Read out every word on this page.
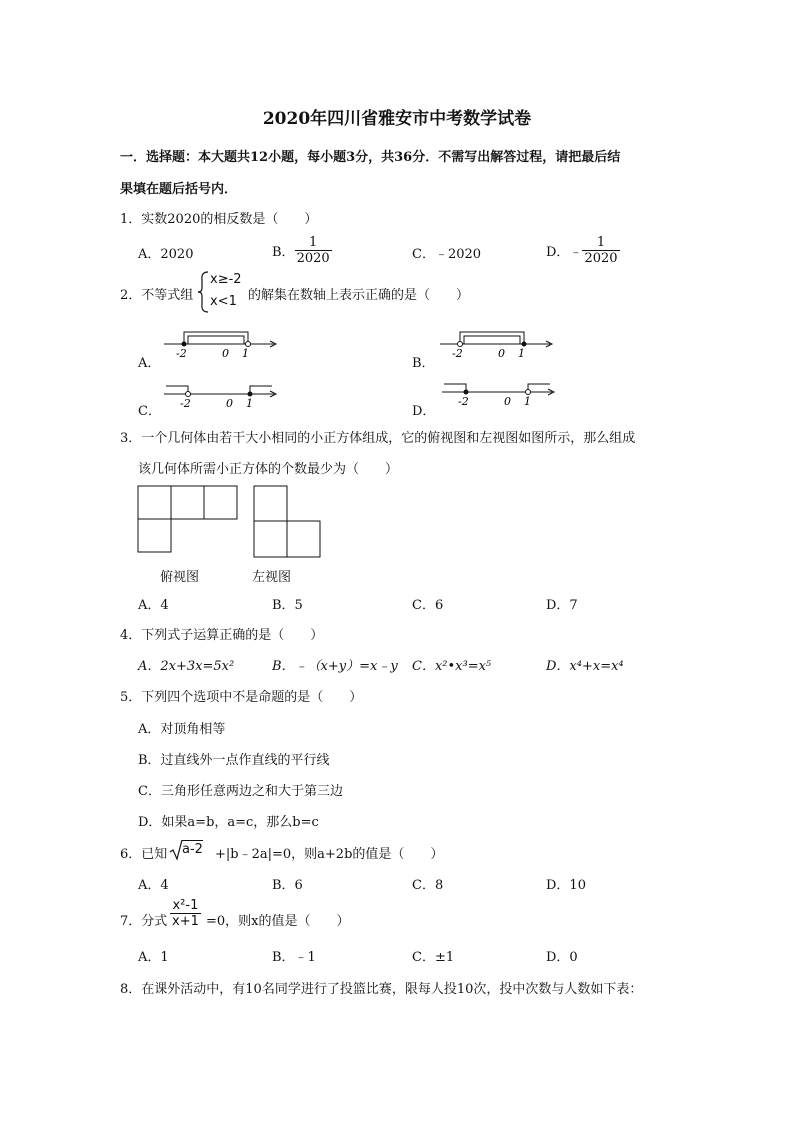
2020年四川省雅安市中考数学试卷
一．选择题：本大题共12小题，每小题3分，共36分．不需写出解答过程，请把最后结
果填在题后括号内．
1．实数2020的相反数是（　　）
A．2020	B． $\frac{1}{2020}$	C．﹣2020	D．﹣ $\frac{1}{2020}$
2．不等式组
x≥-2
x<1 的解集在数轴上表示正确的是（　　）
A．
-2	0 1
B．
-2	0 1
C．
-2	0 1
D．
-2	0 1
3．一个几何体由若干大小相同的小正方体组成，它的俯视图和左视图如图所示，那么组成
该几何体所需小正方体的个数最少为（　　）
俯视图	左视图
A．4	B．5	C．6	D．7
4．下列式子运算正确的是（　　）
A．2x+3x=5x²	B．﹣（x+y）=x﹣y C．x²•x³=x⁵	D．x⁴+x=x⁴
5．下列四个选项中不是命题的是（　　）
A．对顶角相等
B．过直线外一点作直线的平行线
C．三角形任意两边之和大于第三边
D．如果a=b，a=c，那么b=c
6．已知 a-2 +|b﹣2a|=0，则a+2b的值是（　　）
A．4	B．6	C．8	D．10
7．分式 $\frac{\text{x²-1}}{x+1} =0$，则x的值是（　　）
A．1	B．﹣1	C．±1	D．0
8．在课外活动中，有10名同学进行了投篮比赛，限每人投10次，投中次数与人数如下表：
